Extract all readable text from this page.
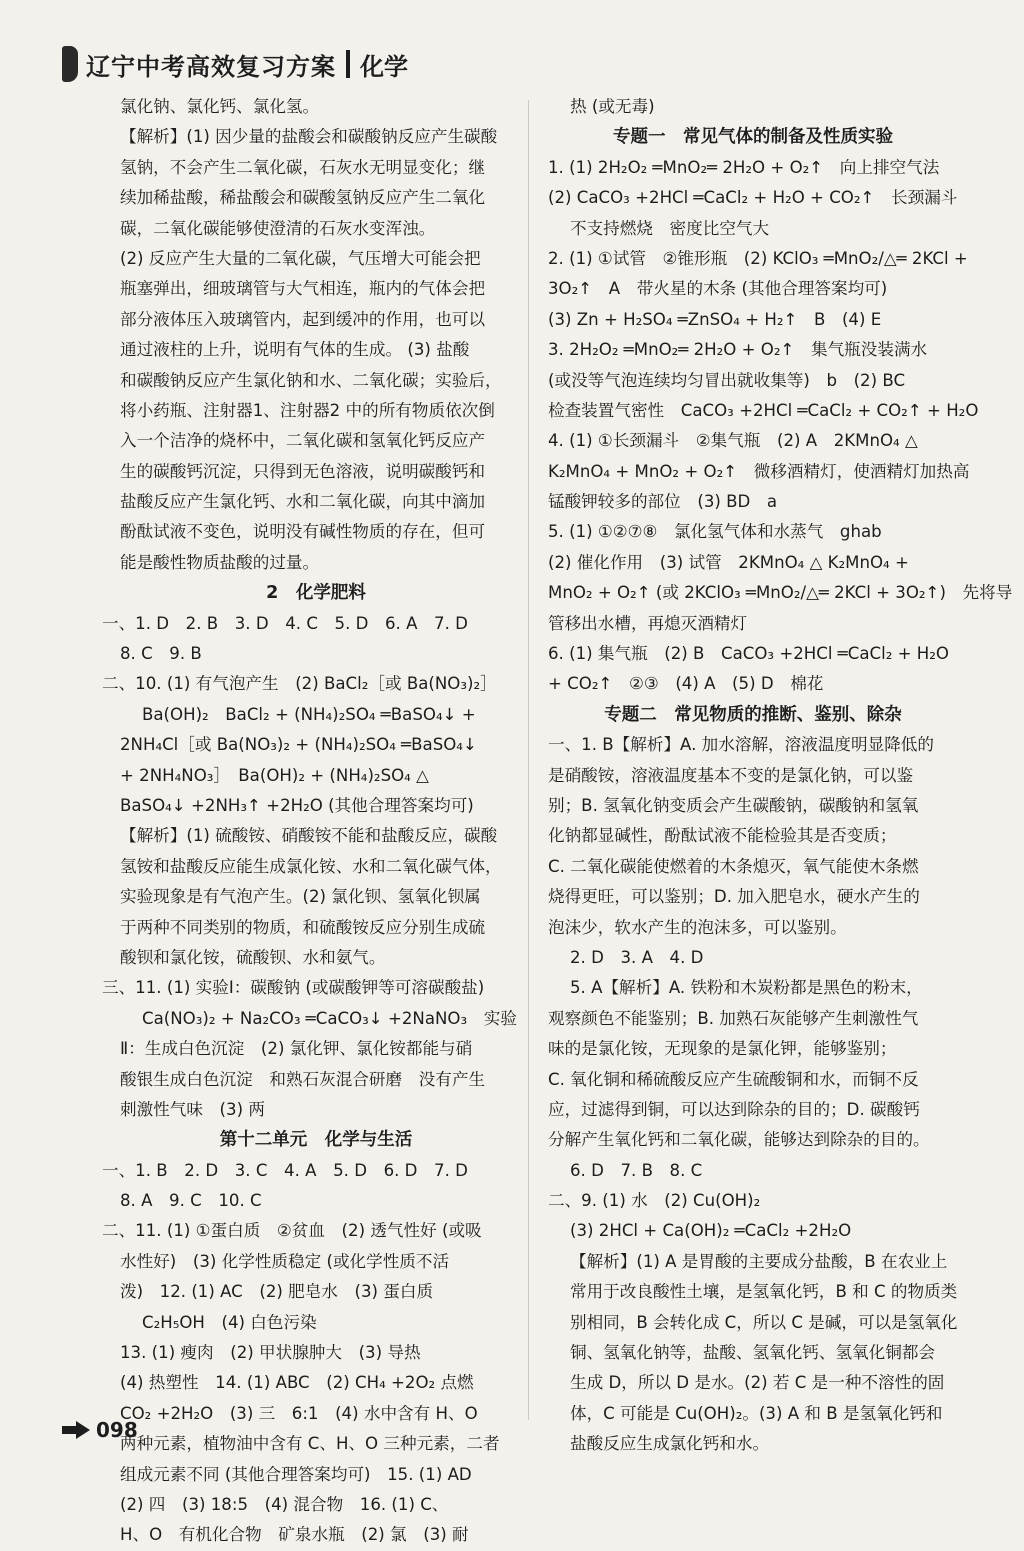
辽宁中考高效复习方案 化学
氯化钠、氯化钙、氯化氢。
【解析】(1) 因少量的盐酸会和碳酸钠反应产生碳酸
氢钠，不会产生二氧化碳，石灰水无明显变化；继
续加稀盐酸，稀盐酸会和碳酸氢钠反应产生二氧化
碳，二氧化碳能够使澄清的石灰水变浑浊。
(2) 反应产生大量的二氧化碳，气压增大可能会把
瓶塞弹出，细玻璃管与大气相连，瓶内的气体会把
部分液体压入玻璃管内，起到缓冲的作用，也可以
通过液柱的上升，说明有气体的生成。 (3) 盐酸
和碳酸钠反应产生氯化钠和水、二氧化碳；实验后，
将小药瓶、注射器1、注射器2 中的所有物质依次倒
入一个洁净的烧杯中，二氧化碳和氢氧化钙反应产
生的碳酸钙沉淀，只得到无色溶液，说明碳酸钙和
盐酸反应产生氯化钙、水和二氧化碳，向其中滴加
酚酞试液不变色，说明没有碱性物质的存在，但可
能是酸性物质盐酸的过量。
2　化学肥料
一、1. D　2. B　3. D　4. C　5. D　6. A　7. D
8. C　9. B
二、10. (1) 有气泡产生　(2) BaCl₂［或 Ba(NO₃)₂］
Ba(OH)₂　BaCl₂ + (NH₄)₂SO₄ ═BaSO₄↓ +
2NH₄Cl［或 Ba(NO₃)₂ + (NH₄)₂SO₄ ═BaSO₄↓
+ 2NH₄NO₃］　Ba(OH)₂ + (NH₄)₂SO₄ △
BaSO₄↓ +2NH₃↑ +2H₂O (其他合理答案均可)
【解析】(1) 硫酸铵、硝酸铵不能和盐酸反应，碳酸
氢铵和盐酸反应能生成氯化铵、水和二氧化碳气体，
实验现象是有气泡产生。(2) 氯化钡、氢氧化钡属
于两种不同类别的物质，和硫酸铵反应分别生成硫
酸钡和氯化铵，硫酸钡、水和氨气。
三、11. (1) 实验Ⅰ：碳酸钠 (或碳酸钾等可溶碳酸盐)
Ca(NO₃)₂ + Na₂CO₃ ═CaCO₃↓ +2NaNO₃　实验
Ⅱ：生成白色沉淀　(2) 氯化钾、氯化铵都能与硝
酸银生成白色沉淀　和熟石灰混合研磨　没有产生
刺激性气味　(3) 两
第十二单元　化学与生活
一、1. B　2. D　3. C　4. A　5. D　6. D　7. D
8. A　9. C　10. C
二、11. (1) ①蛋白质　②贫血　(2) 透气性好 (或吸
水性好)　(3) 化学性质稳定 (或化学性质不活
泼)　12. (1) AC　(2) 肥皂水　(3) 蛋白质
C₂H₅OH　(4) 白色污染
13. (1) 瘦肉　(2) 甲状腺肿大　(3) 导热
(4) 热塑性　14. (1) ABC　(2) CH₄ +2O₂ 点燃
CO₂ +2H₂O　(3) 三　6:1　(4) 水中含有 H、O
两种元素，植物油中含有 C、H、O 三种元素，二者
组成元素不同 (其他合理答案均可)　15. (1) AD
(2) 四　(3) 18:5　(4) 混合物　16. (1) C、
H、O　有机化合物　矿泉水瓶　(2) 氯　(3) 耐
热 (或无毒)
专题一　常见气体的制备及性质实验
1. (1) 2H₂O₂ ═MnO₂═ 2H₂O + O₂↑　向上排空气法
(2) CaCO₃ +2HCl ═CaCl₂ + H₂O + CO₂↑　长颈漏斗
不支持燃烧　密度比空气大
2. (1) ①试管　②锥形瓶　(2) KClO₃ ═MnO₂/△═ 2KCl +
3O₂↑　A　带火星的木条 (其他合理答案均可)
(3) Zn + H₂SO₄ ═ZnSO₄ + H₂↑　B　(4) E
3. 2H₂O₂ ═MnO₂═ 2H₂O + O₂↑　集气瓶没装满水
(或没等气泡连续均匀冒出就收集等)　b　(2) BC
检查装置气密性　CaCO₃ +2HCl ═CaCl₂ + CO₂↑ + H₂O
4. (1) ①长颈漏斗　②集气瓶　(2) A　2KMnO₄ △
K₂MnO₄ + MnO₂ + O₂↑　微移酒精灯，使酒精灯加热高
锰酸钾较多的部位　(3) BD　a
5. (1) ①②⑦⑧　氯化氢气体和水蒸气　ghab
(2) 催化作用　(3) 试管　2KMnO₄ △ K₂MnO₄ +
MnO₂ + O₂↑ (或 2KClO₃ ═MnO₂/△═ 2KCl + 3O₂↑)　先将导
管移出水槽，再熄灭酒精灯
6. (1) 集气瓶　(2) B　CaCO₃ +2HCl ═CaCl₂ + H₂O
+ CO₂↑　②③　(4) A　(5) D　棉花
专题二　常见物质的推断、鉴别、除杂
一、1. B【解析】A. 加水溶解，溶液温度明显降低的
是硝酸铵，溶液温度基本不变的是氯化钠，可以鉴
别；B. 氢氧化钠变质会产生碳酸钠，碳酸钠和氢氧
化钠都显碱性，酚酞试液不能检验其是否变质；
C. 二氧化碳能使燃着的木条熄灭，氧气能使木条燃
烧得更旺，可以鉴别；D. 加入肥皂水，硬水产生的
泡沫少，软水产生的泡沫多，可以鉴别。
2. D　3. A　4. D
5. A【解析】A. 铁粉和木炭粉都是黑色的粉末，
观察颜色不能鉴别；B. 加熟石灰能够产生刺激性气
味的是氯化铵，无现象的是氯化钾，能够鉴别；
C. 氧化铜和稀硫酸反应产生硫酸铜和水，而铜不反
应，过滤得到铜，可以达到除杂的目的；D. 碳酸钙
分解产生氧化钙和二氧化碳，能够达到除杂的目的。
6. D　7. B　8. C
二、9. (1) 水　(2) Cu(OH)₂
(3) 2HCl + Ca(OH)₂ ═CaCl₂ +2H₂O
【解析】(1) A 是胃酸的主要成分盐酸，B 在农业上
常用于改良酸性土壤，是氢氧化钙，B 和 C 的物质类
别相同，B 会转化成 C，所以 C 是碱，可以是氢氧化
铜、氢氧化钠等，盐酸、氢氧化钙、氢氧化铜都会
生成 D，所以 D 是水。(2) 若 C 是一种不溶性的固
体，C 可能是 Cu(OH)₂。(3) A 和 B 是氢氧化钙和
盐酸反应生成氯化钙和水。
098
